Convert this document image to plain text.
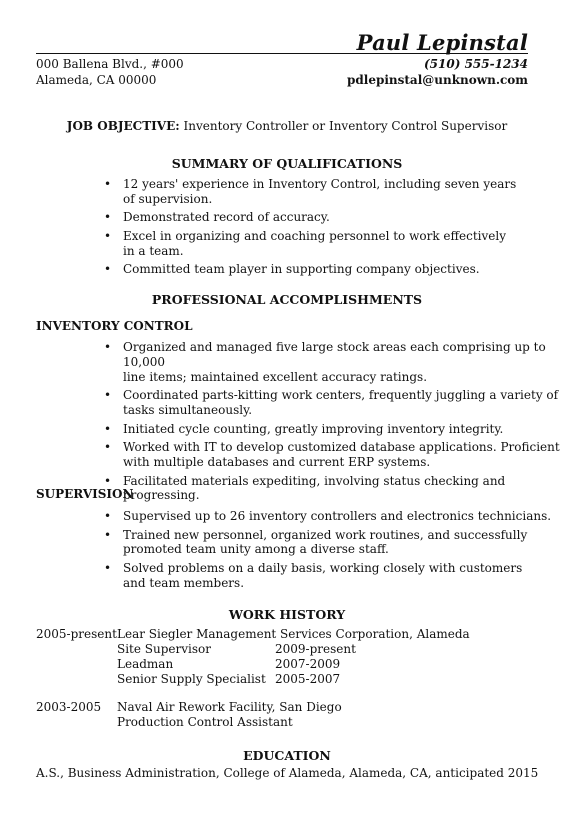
Paul Lepinstal
000 Ballena Blvd., #000
Alameda, CA 00000
(510) 555-1234
pdlepinstal@unknown.com
JOB OBJECTIVE: Inventory Controller or Inventory Control Supervisor
SUMMARY OF QUALIFICATIONS
• 12 years' experience in Inventory Control, including seven years
of supervision.
• Demonstrated record of accuracy.
• Excel in organizing and coaching personnel to work effectively
in a team.
• Committed team player in supporting company objectives.
PROFESSIONAL ACCOMPLISHMENTS
INVENTORY CONTROL
• Organized and managed five large stock areas each comprising up to 10,000
line items; maintained excellent accuracy ratings.
• Coordinated parts-kitting work centers, frequently juggling a variety of
tasks simultaneously.
• Initiated cycle counting, greatly improving inventory integrity.
• Worked with IT to develop customized database applications. Proficient
with multiple databases and current ERP systems.
• Facilitated materials expediting, involving status checking and progressing.
SUPERVISION
• Supervised up to 26 inventory controllers and electronics technicians.
• Trained new personnel, organized work routines, and successfully
promoted team unity among a diverse staff.
• Solved problems on a daily basis, working closely with customers
and team members.
WORK HISTORY
2005-present Lear Siegler Management Services Corporation, Alameda
Site Supervisor	2009-present
Leadman	2007-2009
Senior Supply Specialist 2005-2007
2003-2005 Naval Air Rework Facility, San Diego
Production Control Assistant
EDUCATION
A.S., Business Administration, College of Alameda, Alameda, CA, anticipated 2015
